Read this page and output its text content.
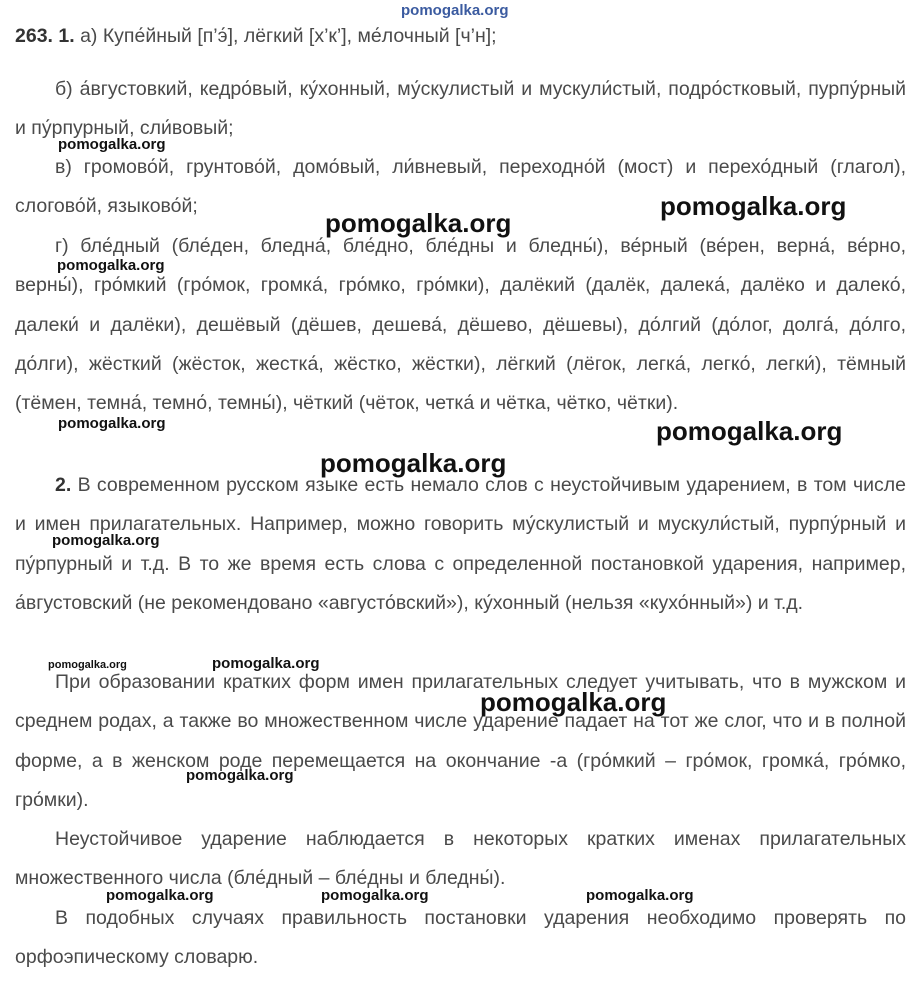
263. 1. а) Купе́йный [п’э́], лёгкий [х’к’], ме́лочный [ч’н];

б) а́вгустовкий, кедро́вый, ку́хонный, му́скулистый и мускули́стый, подро́стковый, пурпу́рный и пу́рпурный, сли́вовый;

в) громово́й, грунтово́й, домо́вый, ли́вневый, переходно́й (мост) и перехо́дный (глагол), слогово́й, языково́й;

г) бле́дный (бле́ден, бледна́, бле́дно, бле́дны и бледны́), ве́рный (ве́рен, верна́, ве́рно, верны́), гро́мкий (гро́мок, громка́, гро́мко, гро́мки), далёкий (далёк, далека́, далёко и далеко́, далеки́ и далёки), дешёвый (дёшев, дешева́, дёшево, дёшевы), до́лгий (до́лог, долга́, до́лго, до́лги), жёсткий (жёсток, жестка́, жёстко, жёстки), лёгкий (лёгок, легка́, легко́, легки́), тёмный (тёмен, темна́, темно́, темны́), чёткий (чёток, четка́ и чётка, чётко, чётки).

2. В современном русском языке есть немало слов с неустойчивым ударением, в том числе и имен прилагательных. Например, можно говорить му́скулистый и мускули́стый, пурпу́рный и пу́рпурный и т.д. В то же время есть слова с определенной постановкой ударения, например, а́вгустовский (не рекомендовано «августо́вский»), ку́хонный (нельзя «кухо́нный») и т.д.

При образовании кратких форм имен прилагательных следует учитывать, что в мужском и среднем родах, а также во множественном числе ударение падает на тот же слог, что и в полной форме, а в женском роде перемещается на окончание -а (гро́мкий – гро́мок, громка́, гро́мко, гро́мки).

Неустойчивое ударение наблюдается в некоторых кратких именах прилагательных множественного числа (бле́дный – бле́дны и бледны́).

В подобных случаях правильность постановки ударения необходимо проверять по орфоэпическому словарю.

pomogalka.org
pomogalka.org
pomogalka.org
pomogalka.org
pomogalka.org
pomogalka.org	pomogalka.org
pomogalka.org
pomogalka.org
pomogalka.org	pomogalka.org
pomogalka.org
pomogalka.org
pomogalka.org	pomogalka.org	pomogalka.org
